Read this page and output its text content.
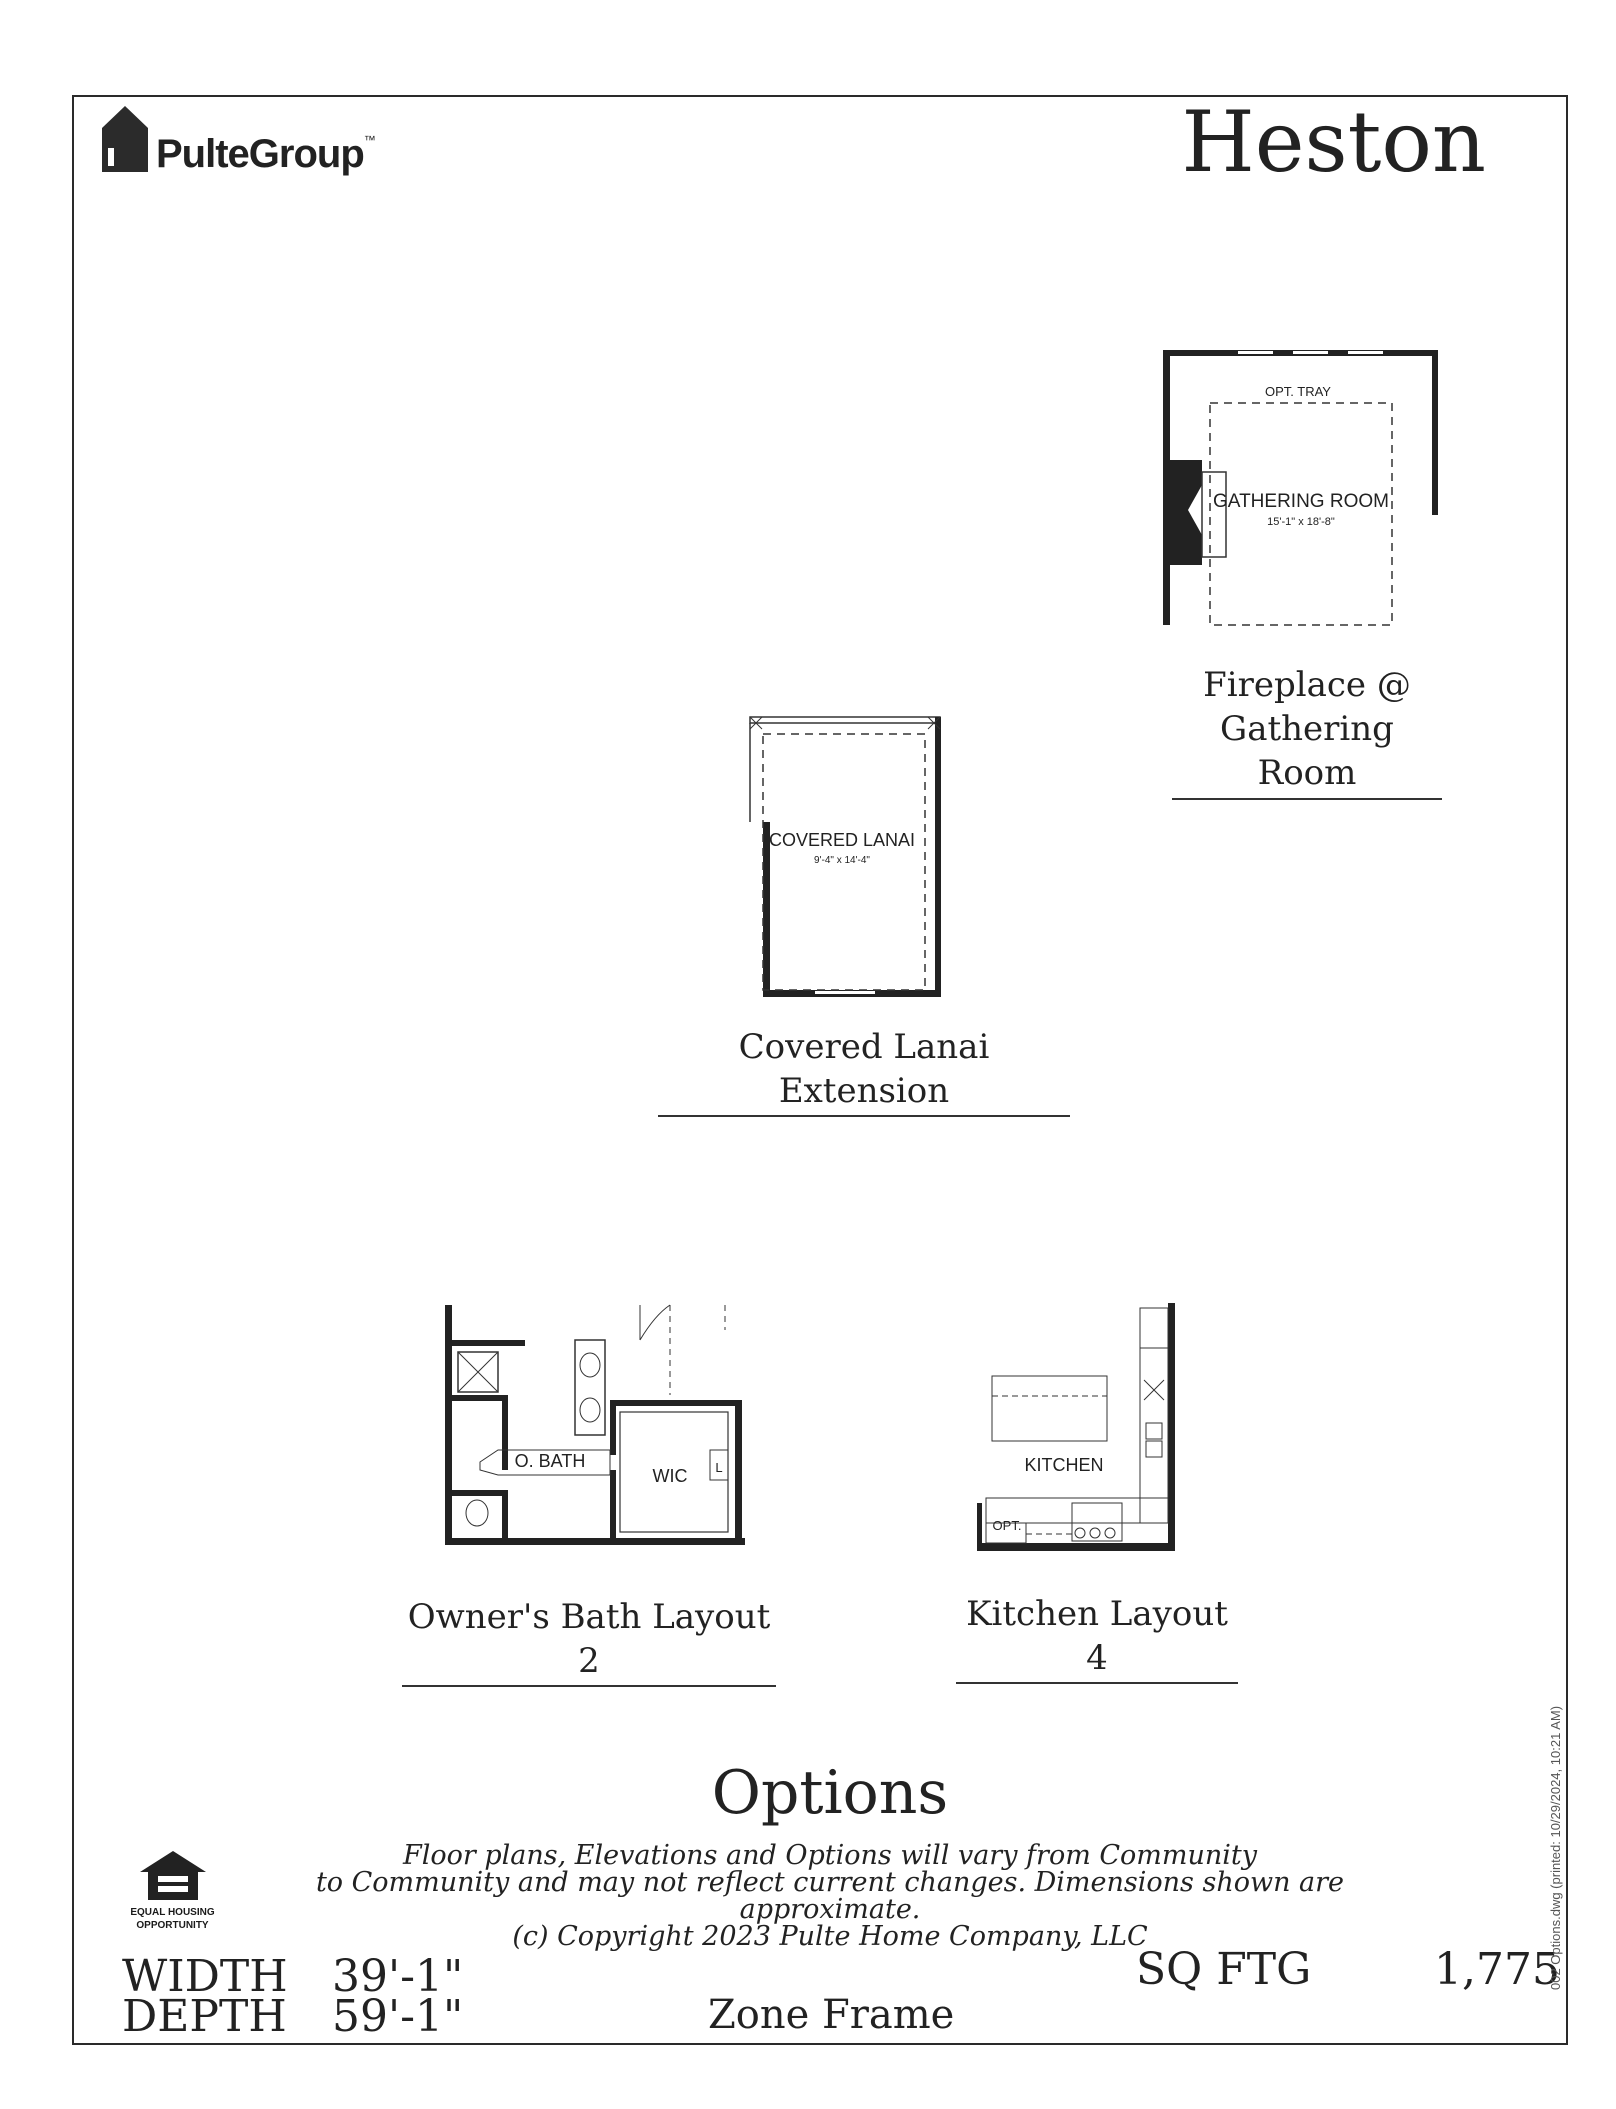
PulteGroup™	Heston
OPT. TRAY
GATHERING ROOM
15'-1" x 18'-8"
Fireplace @
Gathering Room
COVERED LANAI
9'-4" x 14'-4"
Covered Lanai Extension
O. BATH
WIC L
Owner's Bath Layout 2
KITCHEN
OPT.
Kitchen Layout 4
Options
EQUAL HOUSING
OPPORTUNITY
Floor plans, Elevations and Options will vary from Community
to Community and may not reflect current changes. Dimensions shown are approximate.
(c) Copyright 2023 Pulte Home Company, LLC
WIDTH 39'-1"
DEPTH 59'-1"
SQ FTG	1,775
Zone Frame
002 Options.dwg (printed: 10/29/2024, 10:21 AM)
